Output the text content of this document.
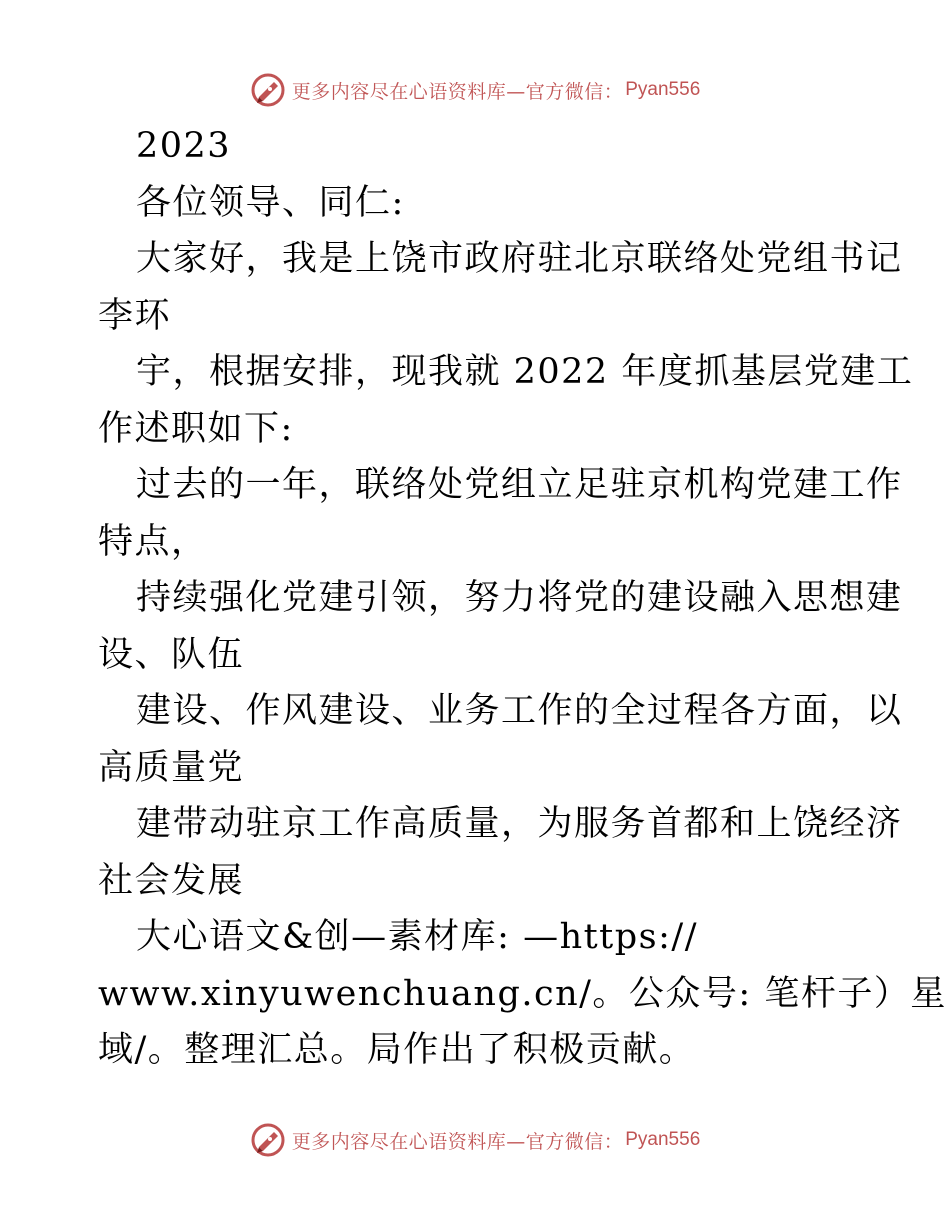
更多内容尽在心语资料库—官方微信： Pyan556
2023
各位领导、同仁:
大家好，我是上饶市政府驻北京联络处党组书记
李环
宇，根据安排，现我就 2022 年度抓基层党建工
作述职如下:
过去的一年，联络处党组立足驻京机构党建工作
特点，
持续强化党建引领，努力将党的建设融入思想建
设、队伍
建设、作风建设、业务工作的全过程各方面，以
高质量党
建带动驻京工作高质量，为服务首都和上饶经济
社会发展
大心语文&创—素材库: —https://
www.xinyuwenchuang.cn/。公众号: 笔杆子）星
域/。整理汇总。局作出了积极贡献。
更多内容尽在心语资料库—官方微信： Pyan556
